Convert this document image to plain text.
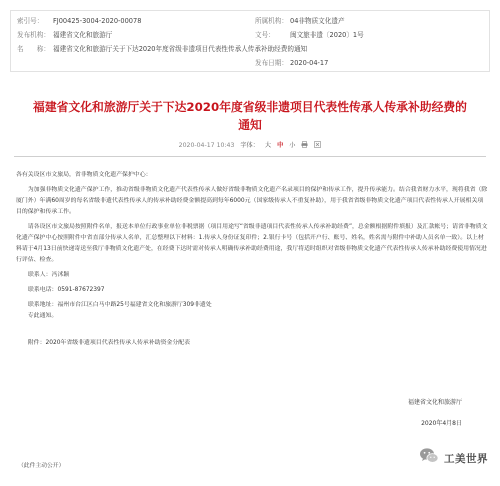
索引号： FJ00425-3004-2020-00078	所属机构： 04非物质文化遗产
发布机构： 福建省文化和旅游厅	文号： 闽文旅非遗〔2020〕1号
名　　称： 福建省文化和旅游厅关于下达2020年度省级非遗项目代表性传承人传承补助经费的通知
发布日期： 2020-04-17
福建省文化和旅游厅关于下达2020年度省级非遗项目代表性传承人传承补助经费的
通知
2020-04-17 10:43 字体： 大 中 小

各有关设区市文旅局，省非物质文化遗产保护中心：

为加强非物质文化遗产保护工作，推动省级非物质文化遗产代表性传承人做好省级非物质文化遗产名录项目的保护和传承工作，提升传承能力。结合我省财力水平，现将我省（除厦门外）年满60周岁的每名省级非遗代表性传承人的传承补助经费金额提高到每年6000元（国家级传承人不重复补助），用于我省省级非物质文化遗产项目代表性传承人开展相关项目的保护和传承工作。

请各设区市文旅局按照附件名单，报送本单位行政事业单位非税票据（项目用途写“省级非遗项目代表性传承人传承补助经费”，总金额根据附件填报）及汇款帐号；请省非物质文化遗产保护中心按照附件中省直部分传承人名单，汇总整理以下材料：1.传承人身份证复印件；2.银行卡号（包括开户行、账号、姓名，姓名需与附件中补助人员名单一致）。以上材料请于4月13日前快递寄送至我厅非物质文化遗产处，在经费下达时需对传承人明确传承补助经费用途，我厅将适时组织对省级非物质文化遗产代表性传承人传承补助经费使用情况进行评估、检查。

联系人：冯沭颖

联系电话：0591-87672397

联系地址：福州市台江区白马中路25号福建省文化和旅游厅309非遗处

专此通知。

附件：2020年省级非遗项目代表性传承人传承补助资金分配表

福建省文化和旅游厅
2020年4月8日
（此件主动公开）
工美世界
